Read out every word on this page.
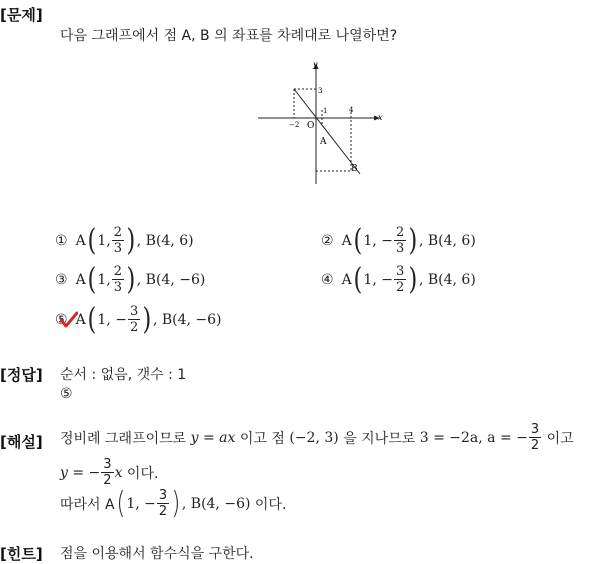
[문제]
다음 그래프에서 점 A, B 의 좌표를 차례대로 나열하면?
y
x
3
1	4
−2 O
A
B
① A ( 1, $\frac{2}{3}$ ) , B(4, 6)	② A ( 1, − $\frac{2}{3}$ ) , B(4, 6)
③ A ( 1, $\frac{2}{3}$ ) , B(4, −6)	④ A ( 1, − $\frac{3}{2}$ ) , B(4, 6)
⑤ A ( 1, − $\frac{3}{2}$ ) , B(4, −6)
[정답] 순서 : 없음, 갯수 : 1
⑤
[해설] 정비례 그래프이므로
y = ax
이고 점
(−2, 3)
을 지나므로
3 = −2a, a = − $\frac{3}{2}$
이고
y = − $\frac{3}{2}$ x
이다.
따라서 A ( 1, − $\frac{3}{2}$ ) , B(4, −6)
이다.
[힌트] 점을 이용해서 함수식을 구한다.
